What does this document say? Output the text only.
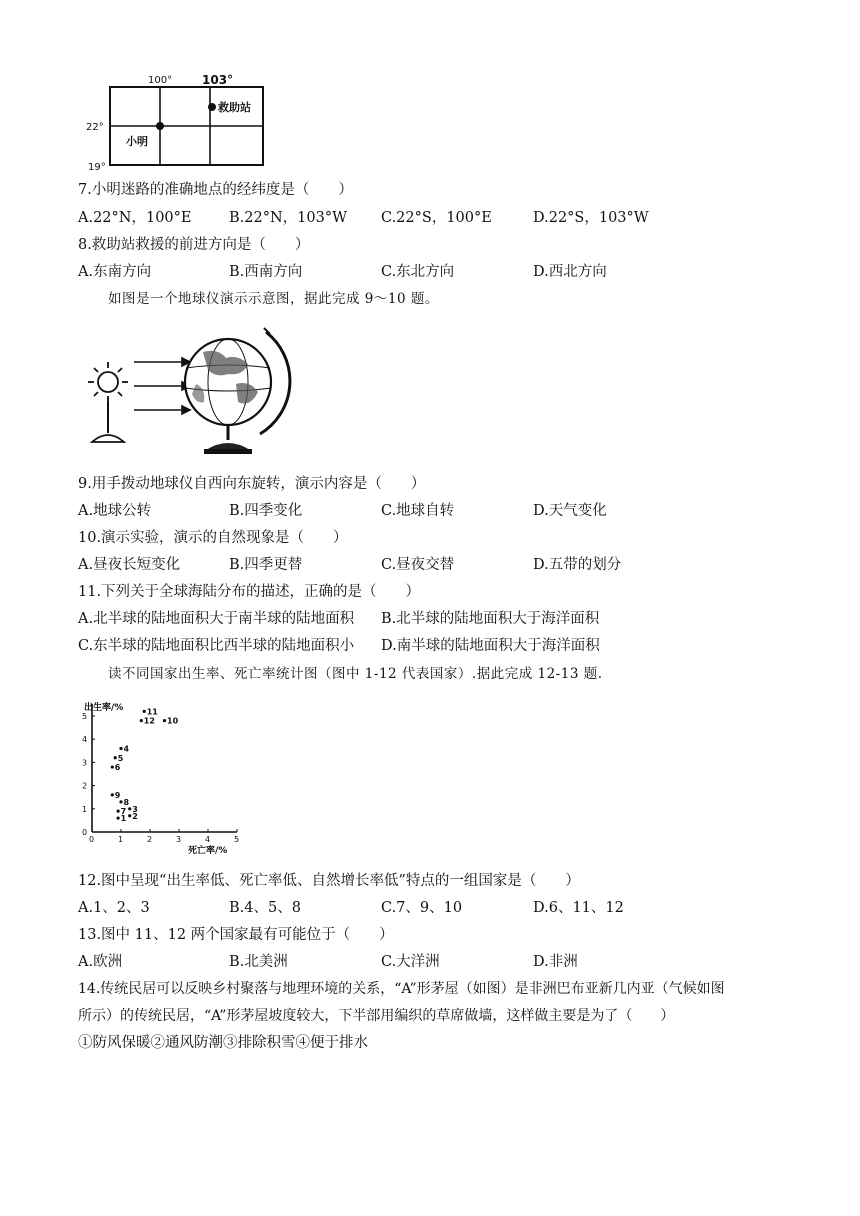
100° 103°
22°
19°
救助站
小明
7.小明迷路的准确地点的经纬度是（　　）
A.22°N，100°E	B.22°N，103°W C.22°S，100°E	D.22°S，103°W
8.救助站救援的前进方向是（　　）
A.东南方向	B.西南方向	C.东北方向	D.西北方向
如图是一个地球仪演示示意图，据此完成 9～10 题。
9.用手拨动地球仪自西向东旋转，演示内容是（　　）
A.地球公转	B.四季变化	C.地球自转	D.天气变化
10.演示实验，演示的自然现象是（　　）
A.昼夜长短变化	B.四季更替	C.昼夜交替	D.五带的划分
11.下列关于全球海陆分布的描述，正确的是（　　）
A.北半球的陆地面积大于南半球的陆地面积 B.北半球的陆地面积大于海洋面积
C.东半球的陆地面积比西半球的陆地面积小 D.南半球的陆地面积大于海洋面积
读不同国家出生率、死亡率统计图（图中 1-12 代表国家）.据此完成 12-13 题.
出生率/%
死亡率/%
0	1	2	3	4	5
0
1
2
3
4
5
1 2
3
4
5
6
7
8
9
10
11
12
12.图中呈现“出生率低、死亡率低、自然增长率低”特点的一组国家是（　　）
A.1、2、3	B.4、5、8	C.7、9、10	D.6、11、12
13.图中 11、12 两个国家最有可能位于（　　）
A.欧洲	B.北美洲	C.大洋洲	D.非洲
14.传统民居可以反映乡村聚落与地理环境的关系，“A”形茅屋（如图）是非洲巴布亚新几内亚（气候如图
所示）的传统民居，“A”形茅屋坡度较大，下半部用编织的草席做墙，这样做主要是为了（　　）
①防风保暖②通风防潮③排除积雪④便于排水
